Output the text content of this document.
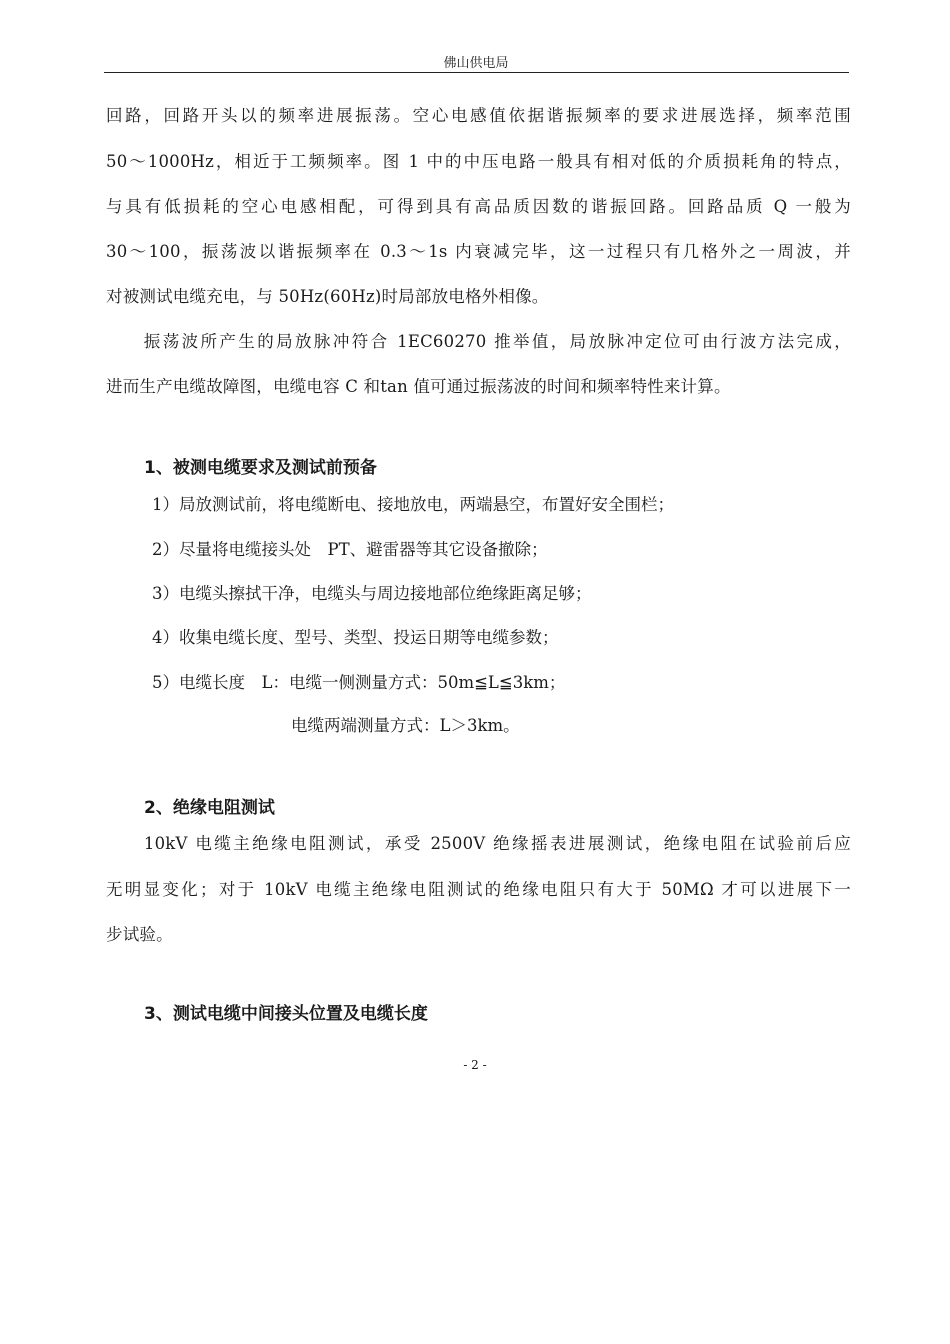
佛山供电局
回路，回路开头以的频率进展振荡。空心电感值依据谐振频率的要求进展选择，频率范围
50～1000Hz，相近于工频频率。图 1 中的中压电路一般具有相对低的介质损耗角的特点，
与具有低损耗的空心电感相配，可得到具有高品质因数的谐振回路。回路品质 Q 一般为
30～100，振荡波以谐振频率在 0.3～1s 内衰减完毕，这一过程只有几格外之一周波，并
对被测试电缆充电，与 50Hz(60Hz)时局部放电格外相像。
　　振荡波所产生的局放脉冲符合 1EC60270 推举值，局放脉冲定位可由行波方法完成，
进而生产电缆故障图，电缆电容 C 和tan 值可通过振荡波的时间和频率特性来计算。
1、被测电缆要求及测试前预备
1）局放测试前，将电缆断电、接地放电，两端悬空，布置好安全围栏；
2）尽量将电缆接头处　PT、避雷器等其它设备撤除；
3）电缆头擦拭干净，电缆头与周边接地部位绝缘距离足够；
4）收集电缆长度、型号、类型、投运日期等电缆参数；
5）电缆长度　L：电缆一侧测量方式：50m≦L≦3km；
电缆两端测量方式：L＞3km。
2、绝缘电阻测试
　　10kV 电缆主绝缘电阻测试，承受 2500V 绝缘摇表进展测试，绝缘电阻在试验前后应
无明显变化；对于 10kV 电缆主绝缘电阻测试的绝缘电阻只有大于 50MΩ 才可以进展下一
步试验。
3、测试电缆中间接头位置及电缆长度
- 2 -
